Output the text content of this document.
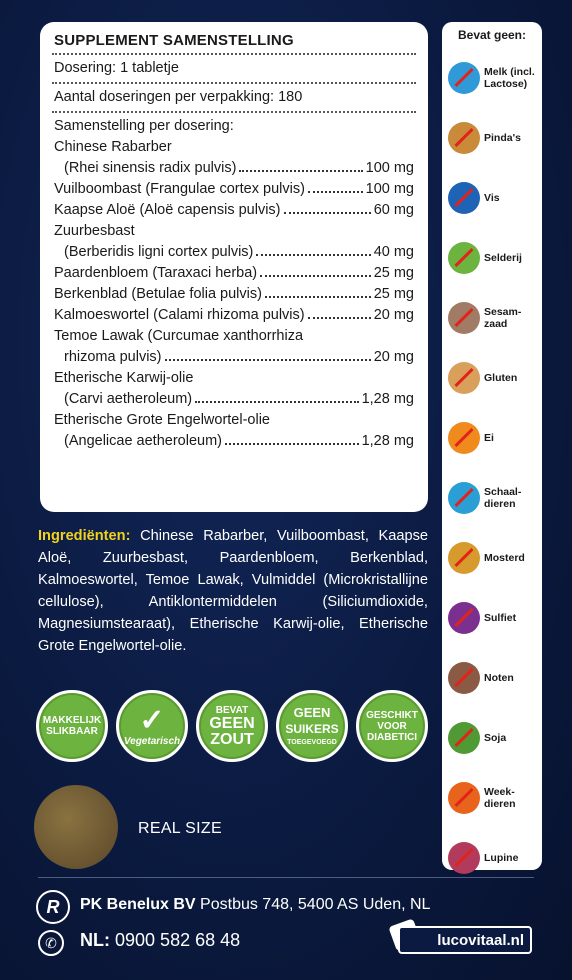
SUPPLEMENT SAMENSTELLING
Dosering: 1 tabletje
Aantal doseringen per verpakking: 180
Samenstelling per dosering:
Chinese Rabarber
(Rhei sinensis radix pulvis)	100 mg
Vuilboombast (Frangulae cortex pulvis)	100 mg
Kaapse Aloë (Aloë capensis pulvis)	60 mg
Zuurbesbast
(Berberidis ligni cortex pulvis)	40 mg
Paardenbloem (Taraxaci herba)	25 mg
Berkenblad (Betulae folia pulvis)	25 mg
Kalmoeswortel (Calami rhizoma pulvis)	20 mg
Temoe Lawak (Curcumae xanthorrhiza
rhizoma pulvis)	20 mg
Etherische Karwij-olie
(Carvi aetheroleum)	1,28 mg
Etherische Grote Engelwortel-olie
(Angelicae aetheroleum)	1,28 mg
Ingrediënten: Chinese Rabarber, Vuilboombast, Kaapse Aloë, Zuurbesbast, Paardenbloem, Berkenblad, Kalmoeswortel, Temoe Lawak, Vulmiddel (Microkristallijne cellulose), Antiklontermiddelen (Siliciumdioxide, Magnesiumstearaat), Etherische Karwij-olie, Etherische Grote Engelwortel-olie.
MAKKELIJK
SLIKBAAR ✓
Vegetarisch
BEVAT
GEEN
ZOUT
GEEN
SUIKERS
TOEGEVOEGD
GESCHIKT
VOOR
DIABETICI
REAL SIZE
Bevat geen:
Melk (incl. Lactose)
Pinda's
Vis
Selderij
Sesam-zaad
Gluten
Ei
Schaal-dieren
Mosterd
Sulfiet
Noten
Soja
Week-dieren
Lupine
R	PK Benelux BV Postbus 748, 5400 AS Uden, NL
✆	NL: 0900 582 68 48	lucovitaal.nl
